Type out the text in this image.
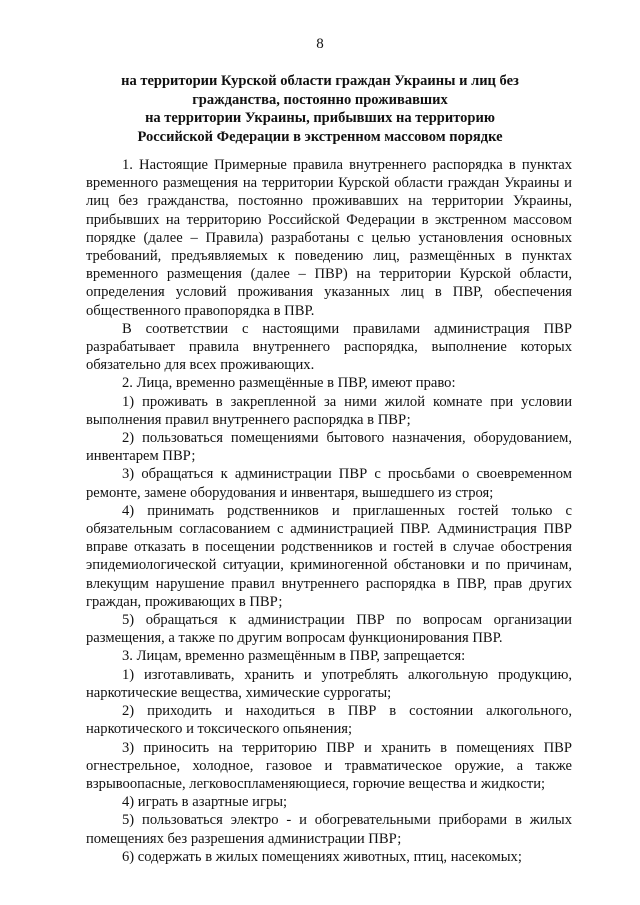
8
на территории Курской области граждан Украины и лиц без
гражданства, постоянно проживавших
на территории Украины, прибывших на территорию
Российской Федерации в экстренном массовом порядке

1. Настоящие Примерные правила внутреннего распорядка в пунктах временного размещения на территории Курской области граждан Украины и лиц без гражданства, постоянно проживавших на территории Украины, прибывших на территорию Российской Федерации в экстренном массовом порядке (далее – Правила) разработаны с целью установления основных требований, предъявляемых к поведению лиц, размещённых в пунктах временного размещения (далее – ПВР) на территории Курской области, определения условий проживания указанных лиц в ПВР, обеспечения общественного правопорядка в ПВР.

В соответствии с настоящими правилами администрация ПВР разрабатывает правила внутреннего распорядка, выполнение которых обязательно для всех проживающих.

2. Лица, временно размещённые в ПВР, имеют право:

1) проживать в закрепленной за ними жилой комнате при условии выполнения правил внутреннего распорядка в ПВР;

2) пользоваться помещениями бытового назначения, оборудованием, инвентарем ПВР;

3) обращаться к администрации ПВР с просьбами о своевременном ремонте, замене оборудования и инвентаря, вышедшего из строя;

4) принимать родственников и приглашенных гостей только с обязательным согласованием с администрацией ПВР. Администрация ПВР вправе отказать в посещении родственников и гостей в случае обострения эпидемиологической ситуации, криминогенной обстановки и по причинам, влекущим нарушение правил внутреннего распорядка в ПВР, прав других граждан, проживающих в ПВР;

5) обращаться к администрации ПВР по вопросам организации размещения, а также по другим вопросам функционирования ПВР.

3. Лицам, временно размещённым в ПВР, запрещается:

1) изготавливать, хранить и употреблять алкогольную продукцию, наркотические вещества, химические суррогаты;

2) приходить и находиться в ПВР в состоянии алкогольного, наркотического и токсического опьянения;

3) приносить на территорию ПВР и хранить в помещениях ПВР огнестрельное, холодное, газовое и травматическое оружие, а также взрывоопасные, легковоспламеняющиеся, горючие вещества и жидкости;

4) играть в азартные игры;

5) пользоваться электро - и обогревательными приборами в жилых помещениях без разрешения администрации ПВР;

6) содержать в жилых помещениях животных, птиц, насекомых;
